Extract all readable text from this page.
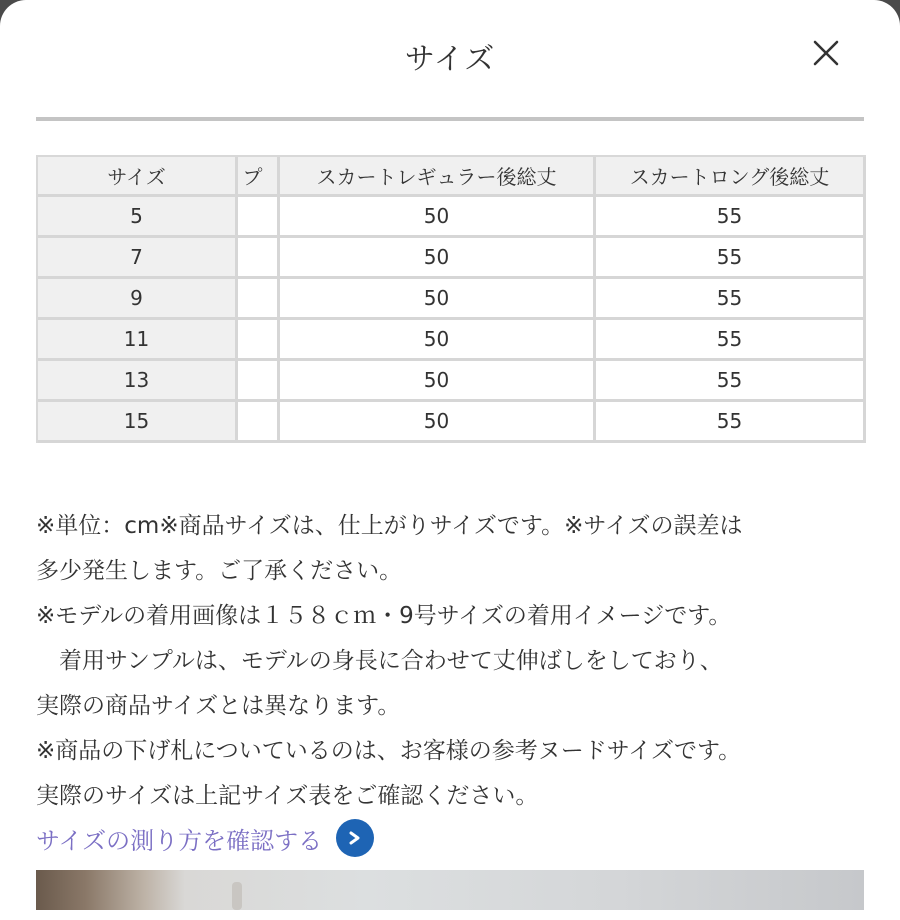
サイズ
サイズ	プ	スカートレギュラー後総丈	スカートロング後総丈
5		50	55
7		50	55
9		50	55
11		50	55
13		50	55
15		50	55

※単位：cm※商品サイズは、仕上がりサイズです。※サイズの誤差は

多少発生します。ご了承ください。

※モデルの着用画像は１５８ｃｍ・9号サイズの着用イメージです。

　着用サンプルは、モデルの身長に合わせて丈伸ばしをしており、

実際の商品サイズとは異なります。

※商品の下げ札についているのは、お客様の参考ヌードサイズです。

実際のサイズは上記サイズ表をご確認ください。

サイズの測り方を確認する
